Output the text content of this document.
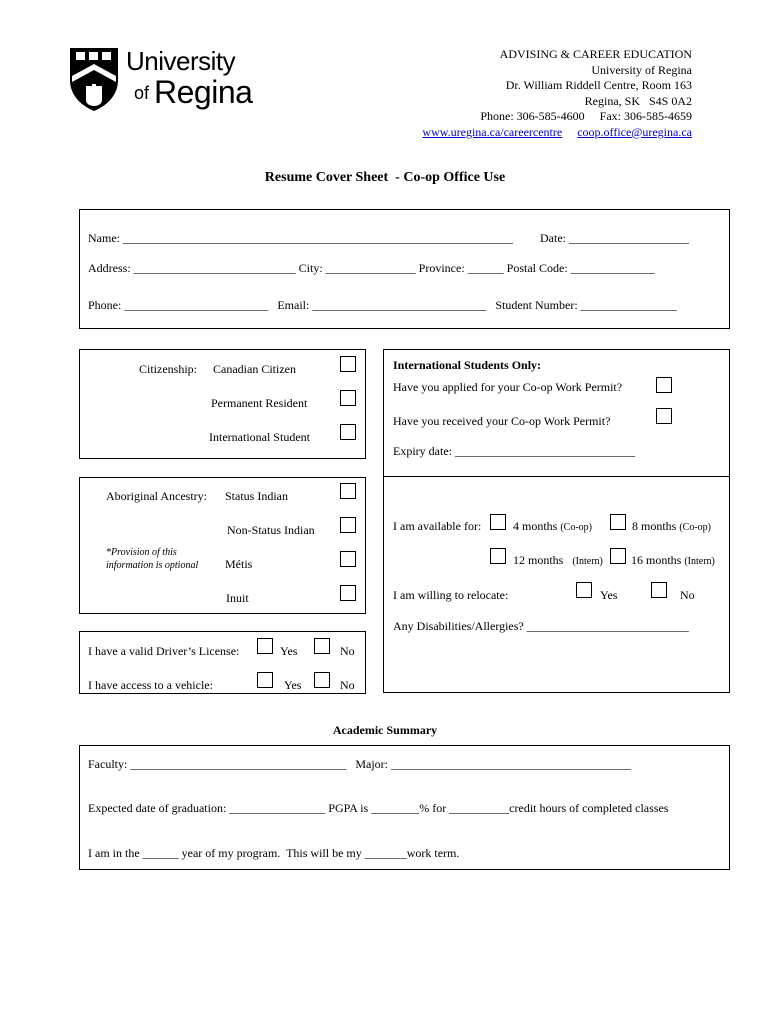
University
of Regina
ADVISING & CAREER EDUCATION
University of Regina
Dr. William Riddell Centre, Room 163
Regina, SK   S4S 0A2
Phone: 306-585-4600 Fax: 306-585-4659
www.uregina.ca/careercentre coop.office@uregina.ca
Resume Cover Sheet  - Co-op Office Use
Name: _________________________________________________________________ Date: ____________________
Address: ___________________________ City: _______________ Province: ______ Postal Code: ______________
Phone: ________________________   Email: _____________________________   Student Number: ________________
Citizenship: Canadian Citizen
Permanent Resident
International Student
International Students Only:
Have you applied for your Co-op Work Permit?
Have you received your Co-op Work Permit?
Expiry date: ______________________________
I am available for:	4 months (Co-op)	8 months (Co-op)
12 months (Intern) 16 months (Intern)
I am willing to relocate:	Yes	No
Any Disabilities/Allergies? ___________________________
Aboriginal Ancestry: Status Indian
Non-Status Indian
*Provision of this information is optional	Métis
Inuit
I have a valid Driver’s License:	Yes	No
I have access to a vehicle:	Yes	No
Academic Summary
Faculty: ____________________________________   Major: ________________________________________
Expected date of graduation: ________________ PGPA is ________% for __________credit hours of completed classes
I am in the ______ year of my program.  This will be my _______work term.
